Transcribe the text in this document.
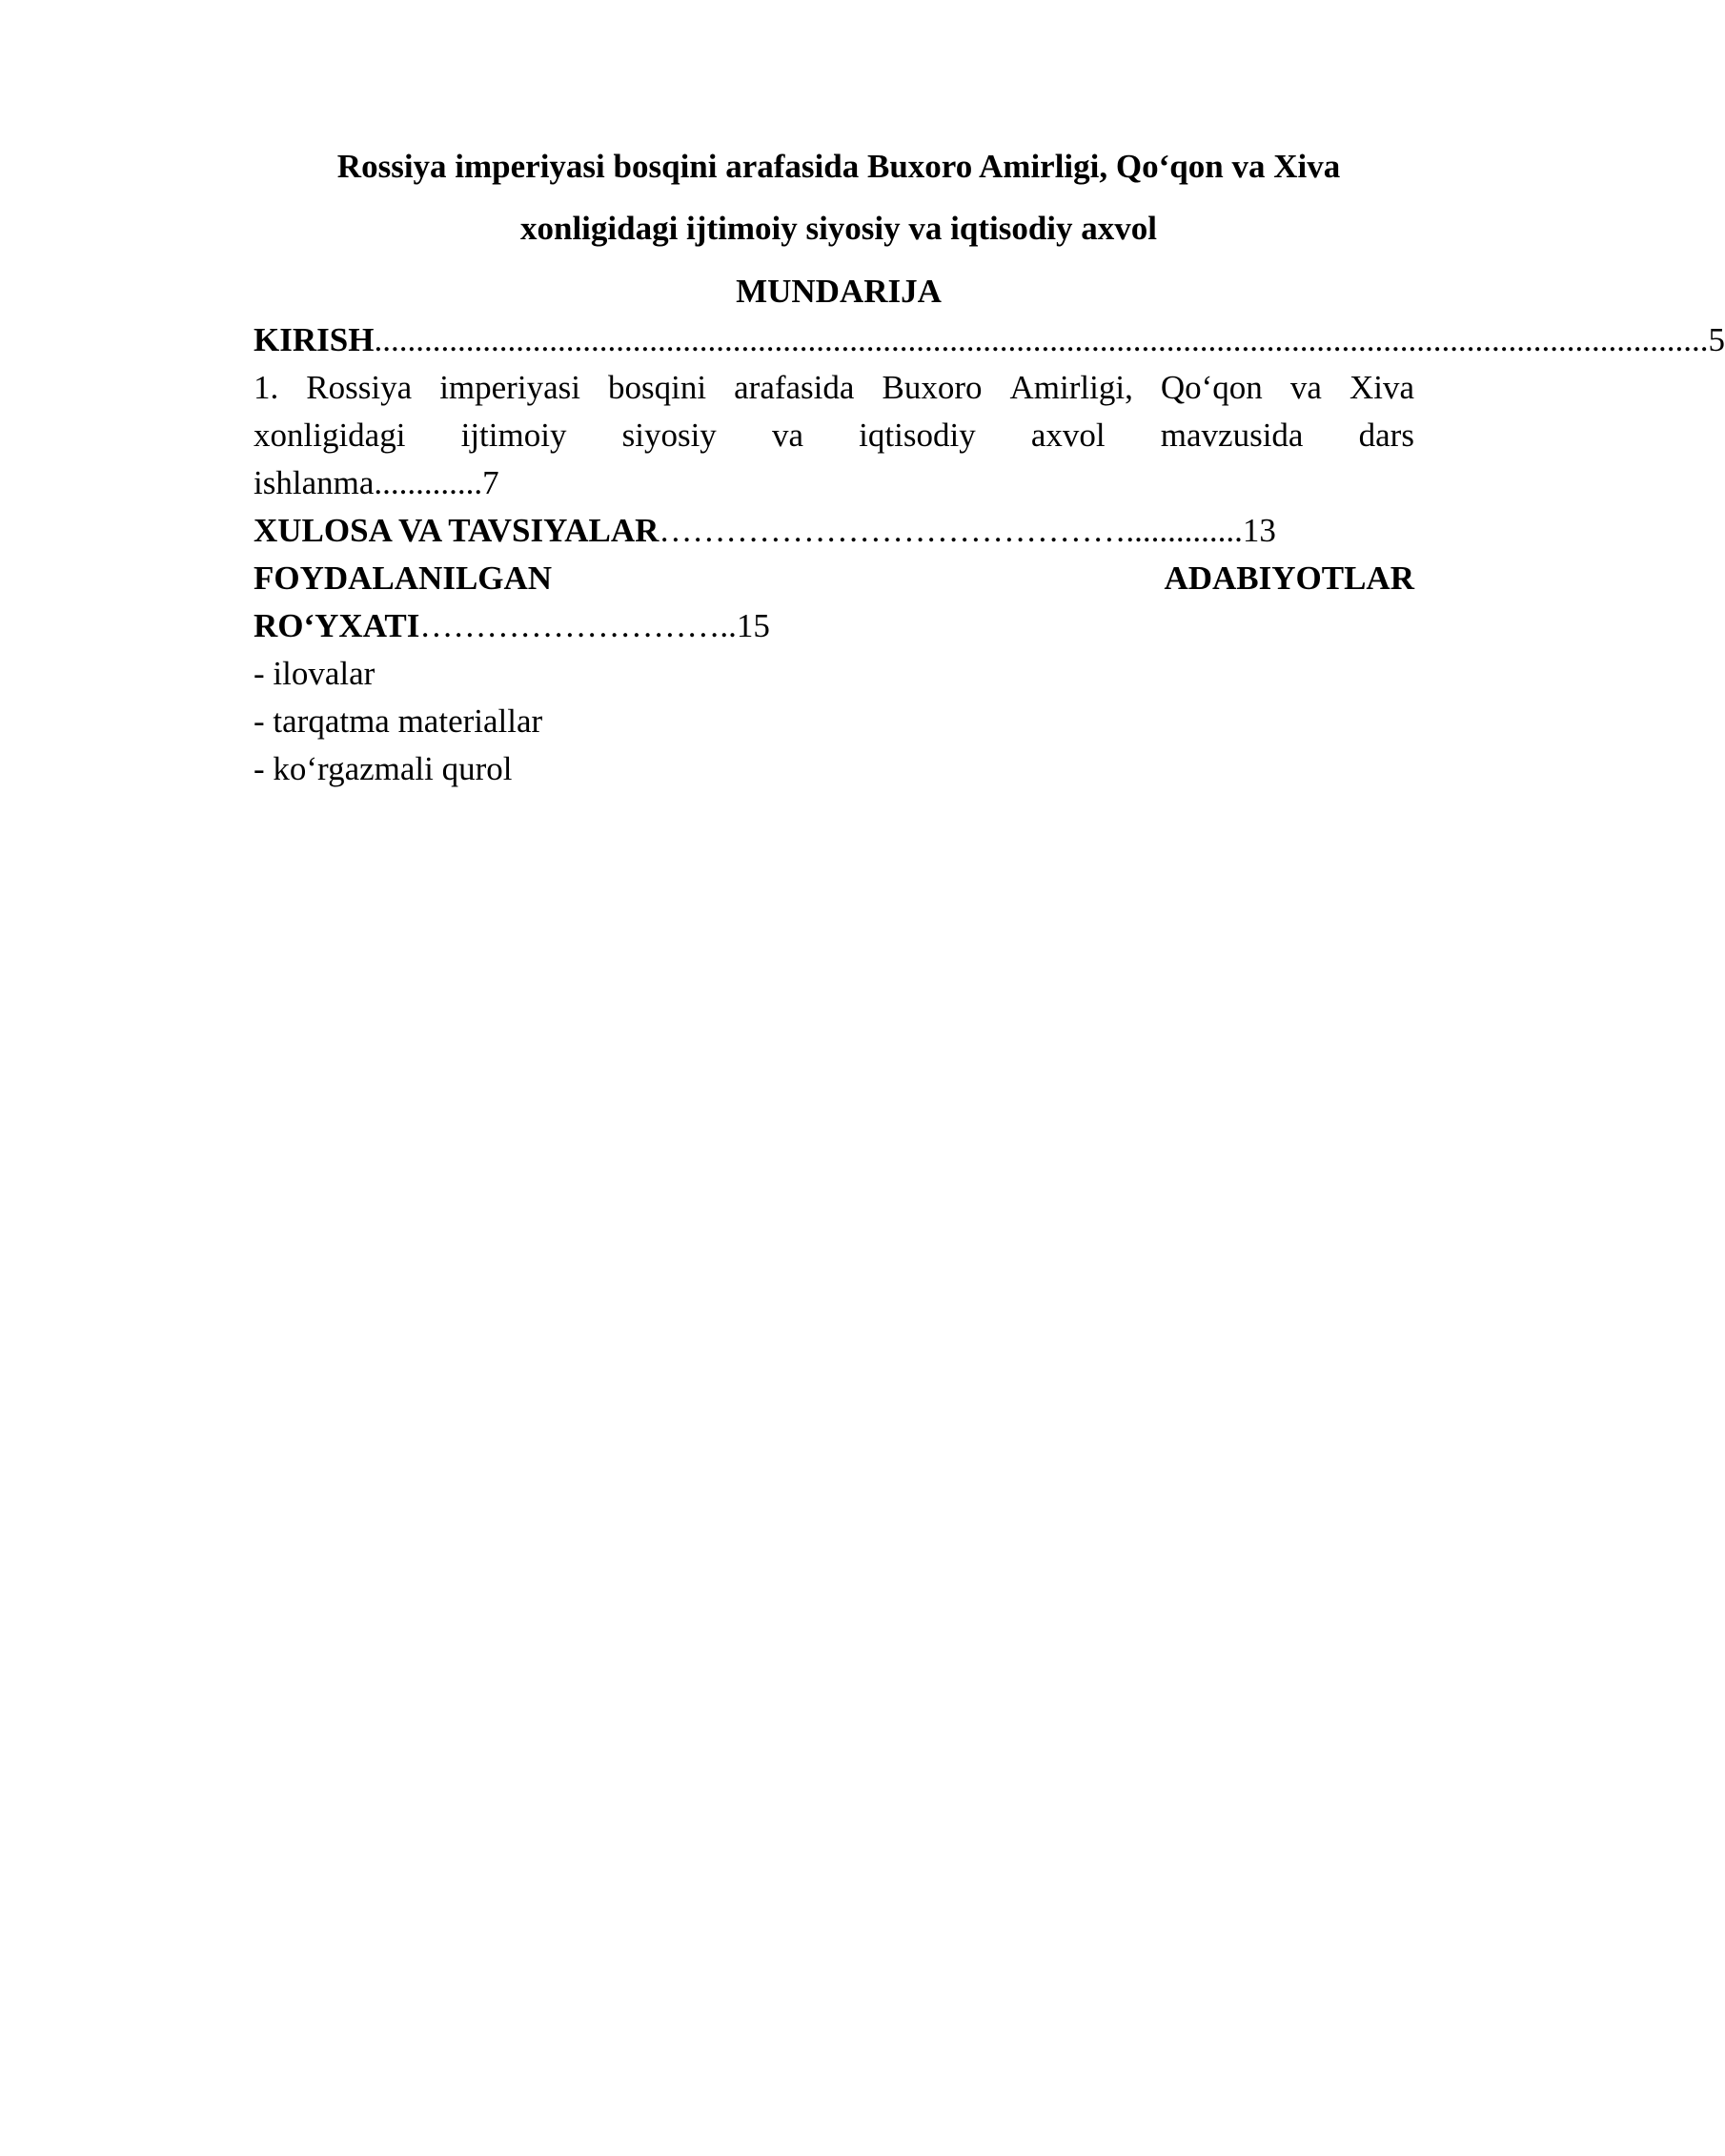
Rossiya imperiyasi bosqini arafasida Buxoro Amirligi, Qo‘qon va Xiva
xonligidagi ijtimoiy siyosiy va iqtisodiy axvol
MUNDARIJA
KIRISH ................................................................................................................................................................ 5
1. Rossiya imperiyasi bosqini arafasida Buxoro Amirligi, Qo‘qon va Xiva
xonligidagi ijtimoiy siyosiy va iqtisodiy axvol mavzusida dars
ishlanma.............7
XULOSA VA TAVSIYALAR……………………………………..............13
FOYDALANILGAN	ADABIYOTLAR
RO‘YXATI………………………..15
- ilovalar
- tarqatma materiallar
- ko‘rgazmali qurol
